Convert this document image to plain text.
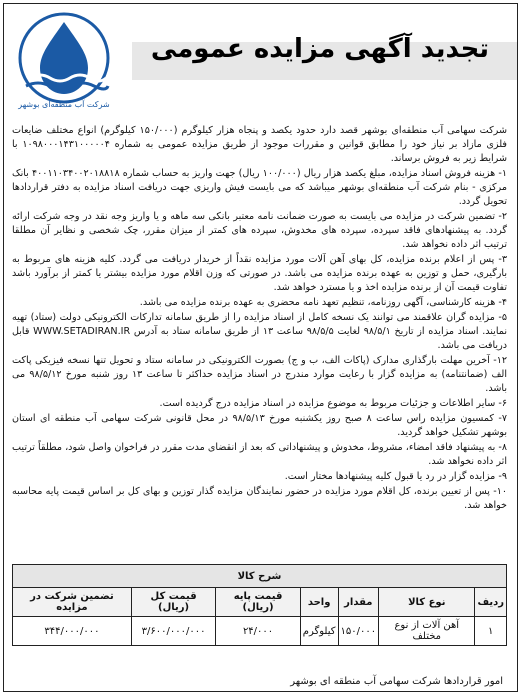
تجدید آگهی مزایده عمومی
شرکت آب منطقه‌ای بوشهر

شرکت سهامی آب منطقه‌ای بوشهر قصد دارد حدود یکصد و پنجاه هزار کیلوگرم (۱۵۰/۰۰۰ کیلوگرم) انواع مختلف ضایعات فلزی مازاد بر نیاز خود را مطابق قوانین و مقررات موجود از طریق مزایده عمومی به شماره ۱۰۹۸۰۰۰۱۴۳۱۰۰۰۰۰۴ با شرایط زیر به فروش برساند.

۱- هزینه فروش اسناد مزایده، مبلغ یکصد هزار ریال (۱۰۰/۰۰۰ ریال) جهت واریز به حساب شماره ۴۰۰۱۱۰۳۴۰۰۲۰۱۸۸۱۸ بانک مرکزی - بنام شرکت آب منطقه‌ای بوشهر میباشد که می بایست فیش واریزی جهت دریافت اسناد مزایده به دفتر قراردادها تحویل گردد.

۲- تضمین شرکت در مزایده می بایست به صورت ضمانت نامه معتبر بانکی سه ماهه و یا واریز وجه نقد در وجه شرکت ارائه گردد. به پیشنهادهای فاقد سپرده، سپرده های مخدوش، سپرده های کمتر از میزان مقرر، چک شخصی و نظایر آن مطلقا ترتیب اثر داده نخواهد شد.

۳- پس از اعلام برنده مزایده، کل بهای آهن آلات مورد مزایده نقداً از خریدار دریافت می گردد. کلیه هزینه های مربوط به بارگیری، حمل و توزین به عهده برنده مزایده می باشد. در صورتی که وزن اقلام مورد مزایده بیشتر یا کمتر از برآورد باشد تفاوت قیمت آن از برنده مزایده اخذ و یا مسترد خواهد شد.

۴- هزینه کارشناسی، آگهی روزنامه، تنظیم تعهد نامه محضری به عهده برنده مزایده می باشد.

۵- مزایده گران علاقمند می توانند یک نسخه کامل از اسناد مزایده را از طریق سامانه تدارکات الکترونیکی دولت (ستاد) تهیه نمایند. اسناد مزایده از تاریخ ۹۸/۵/۱ لغایت ۹۸/۵/۵ ساعت ۱۳ از طریق سامانه ستاد به آدرس WWW.SETADIRAN.IR قابل دریافت می باشد.

۱۲- آخرین مهلت بارگذاری مدارک (پاکات الف، ب و ج) بصورت الکترونیکی در سامانه ستاد و تحویل تنها نسخه فیزیکی پاکت الف (ضمانتنامه) به مزایده گزار با رعایت موارد مندرج در اسناد مزایده حداکثر تا ساعت ۱۳ روز شنبه مورخ ۹۸/۵/۱۲ می باشد.

۶- سایر اطلاعات و جزئیات مربوط به موضوع مزایده در اسناد مزایده درج گردیده است.

۷- کمسیون مزایده راس ساعت ۸ صبح روز یکشنبه مورخ ۹۸/۵/۱۳ در محل قانونی شرکت سهامی آب منطقه ای استان بوشهر تشکیل خواهد گردید.

۸- به پیشنهاد فاقد امضاء، مشروط، مخدوش و پیشنهاداتی که بعد از انقضای مدت مقرر در فراخوان واصل شود، مطلقاً ترتیب اثر داده نخواهد شد.

۹- مزایده گزار در رد یا قبول کلیه پیشنهادها مختار است.

۱۰- پس از تعیین برنده، کل اقلام مورد مزایده در حضور نمایندگان مزایده گذار توزین و بهای کل بر اساس قیمت پایه محاسبه خواهد شد.

شرح کالا						
ردیف	نوع کالا	مقدار	واحد	قیمت پایه (ریال)	قیمت کل (ریال)	تضمین شرکت در مزایده
۱	آهن آلات از نوع مختلف	۱۵۰/۰۰۰	کیلوگرم	۲۴/۰۰۰	۳/۶۰۰/۰۰۰/۰۰۰	۳۴۴/۰۰۰/۰۰۰
امور قراردادها شرکت سهامی آب منطقه ای بوشهر
